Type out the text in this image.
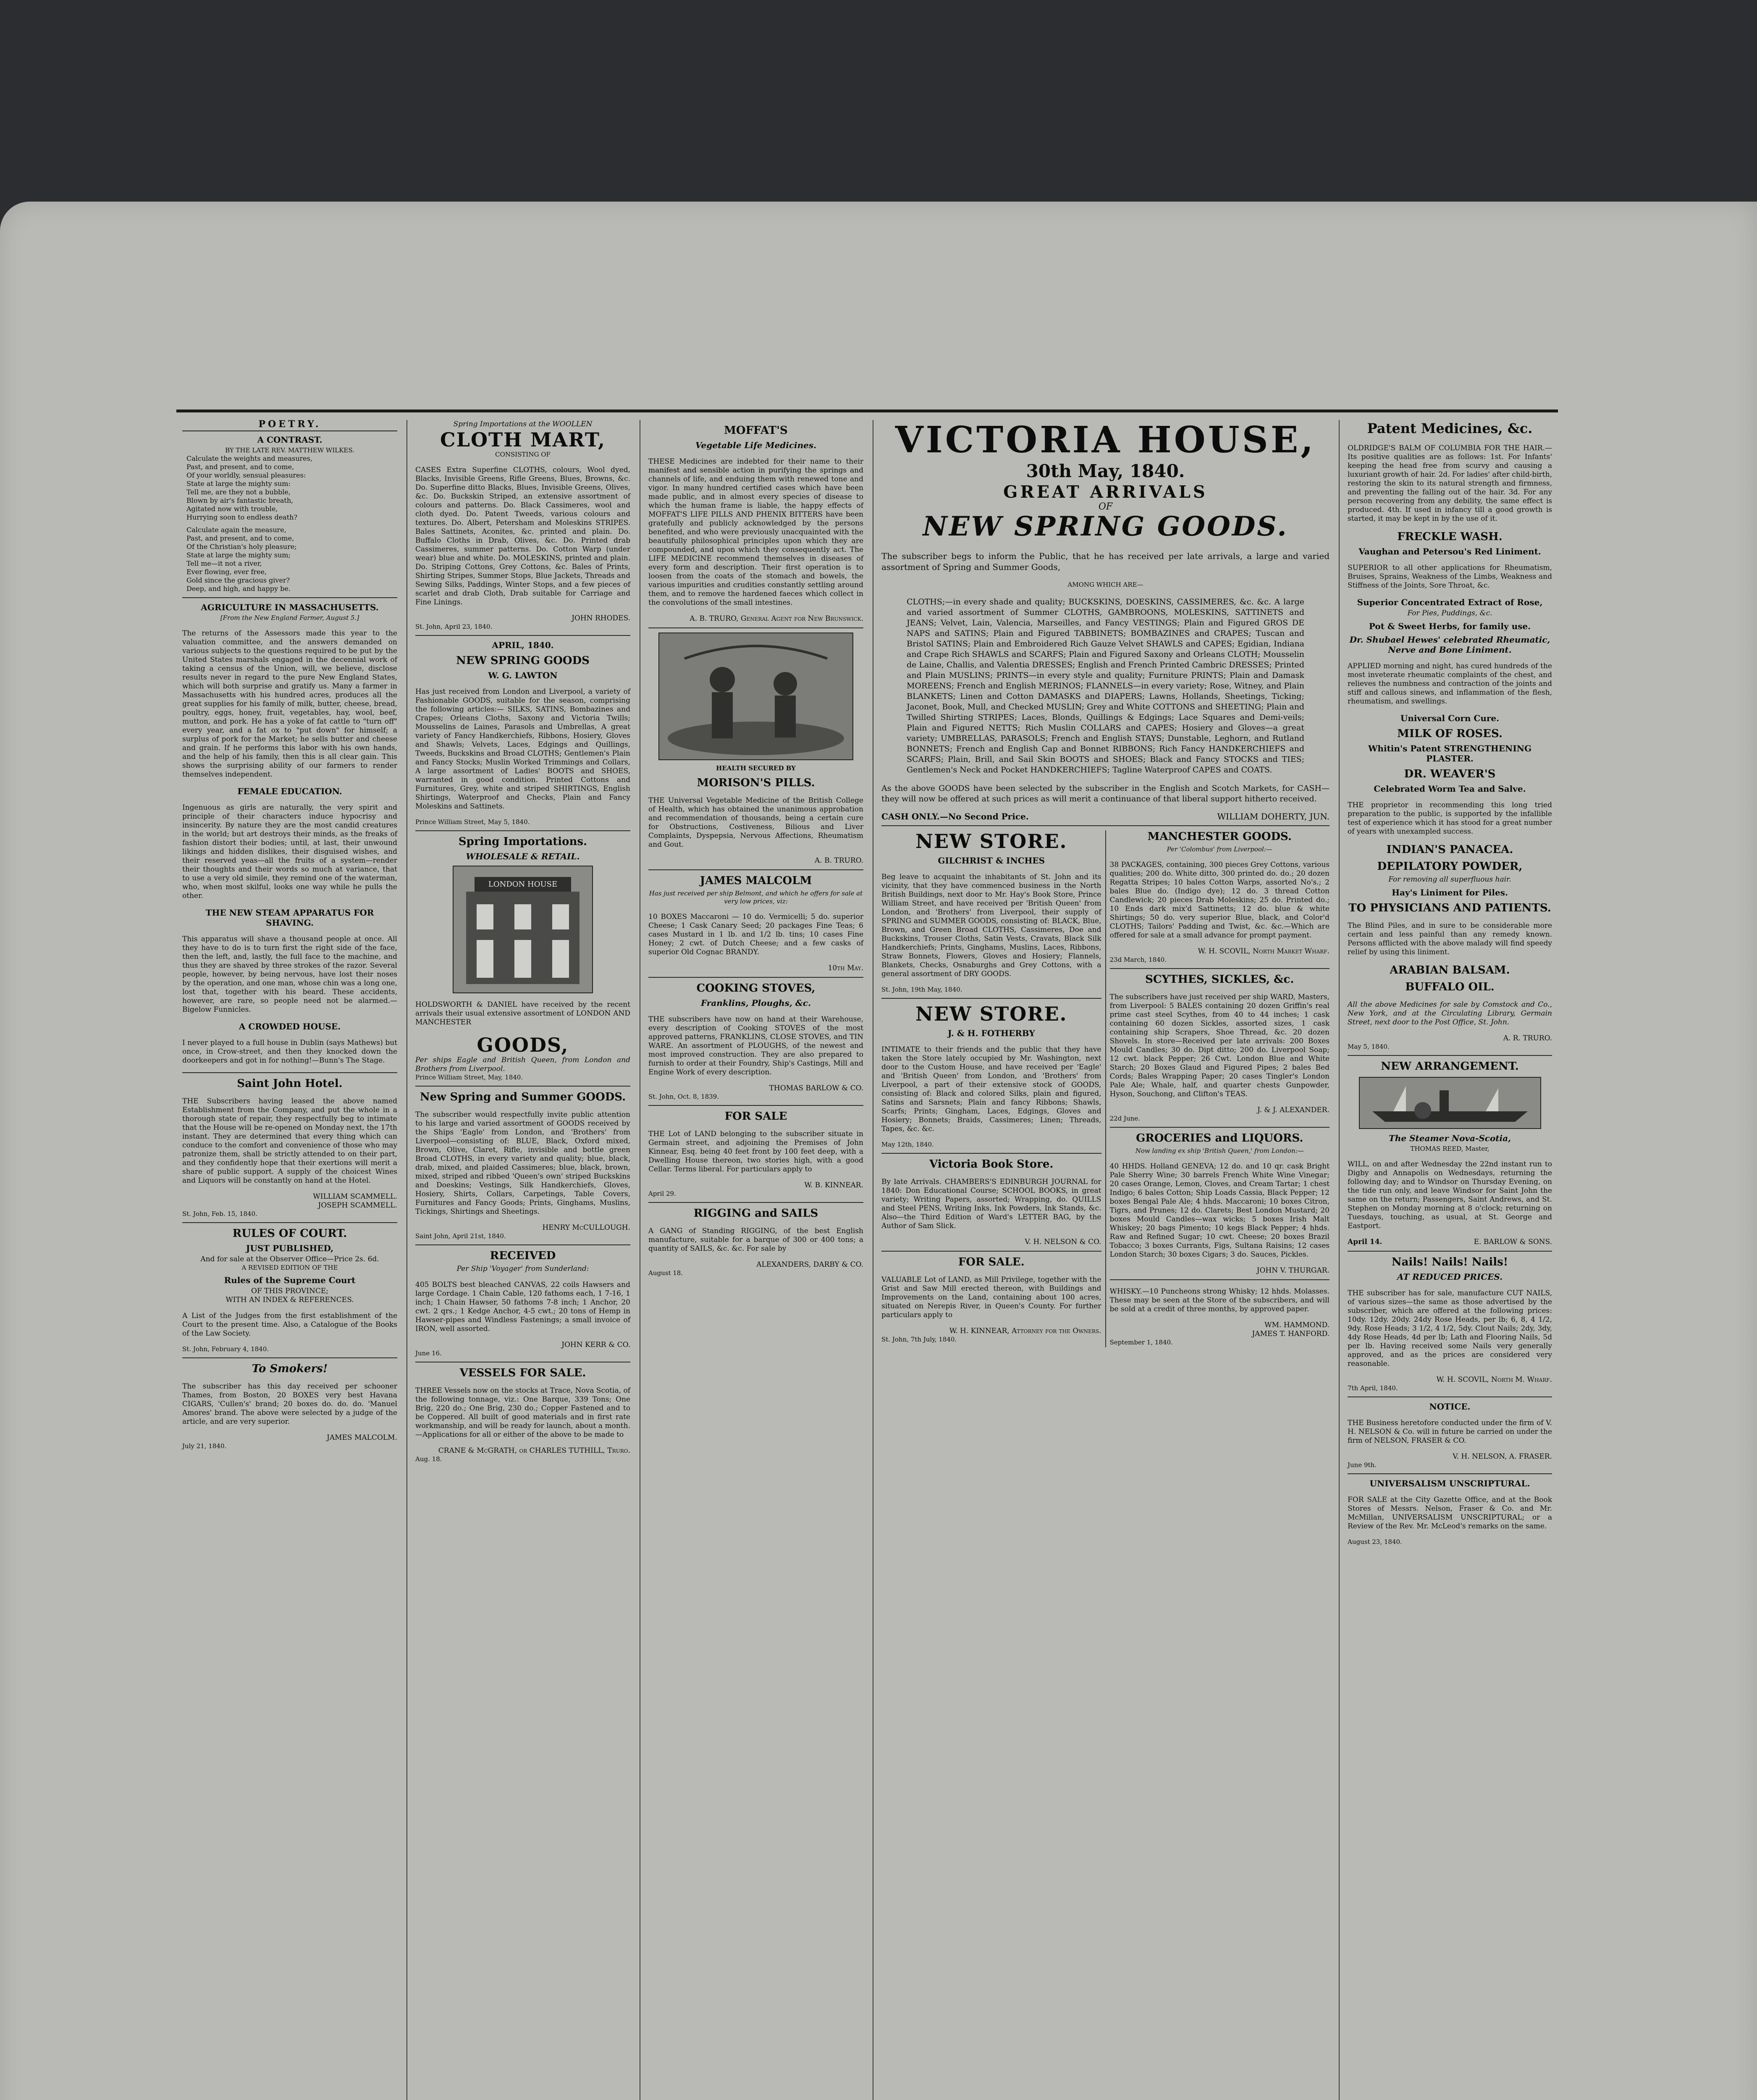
POETRY.
A CONTRAST.
BY THE LATE REV. MATTHEW WILKES.
Calculate the weights and measures,
Past, and present, and to come,
Of your worldly, sensual pleasures:
State at large the mighty sum:
Tell me, are they not a bubble,
Blown by air's fantastic breath,
Agitated now with trouble,
Hurrying soon to endless death?
Calculate again the measure,
Past, and present, and to come,
Of the Christian's holy pleasure;
State at large the mighty sum;
Tell me—it not a river,
Ever flowing, ever free,
Gold since the gracious giver?
Deep, and high, and happy be.
AGRICULTURE IN MASSACHUSETTS.
[From the New England Farmer, August 5.]

The returns of the Assessors made this year to the valuation committee, and the answers demanded on various subjects to the questions required to be put by the United States marshals engaged in the decennial work of taking a census of the Union, will, we believe, disclose results never in regard to the pure New England States, which will both surprise and gratify us. Many a farmer in Massachusetts with his hundred acres, produces all the great supplies for his family of milk, butter, cheese, bread, poultry, eggs, honey, fruit, vegetables, hay, wool, beef, mutton, and pork. He has a yoke of fat cattle to "turn off" every year, and a fat ox to "put down" for himself; a surplus of pork for the Market; he sells butter and cheese and grain. If he performs this labor with his own hands, and the help of his family, then this is all clear gain. This shows the surprising ability of our farmers to render themselves independent.

FEMALE EDUCATION.

Ingenuous as girls are naturally, the very spirit and principle of their characters induce hypocrisy and insincerity. By nature they are the most candid creatures in the world; but art destroys their minds, as the freaks of fashion distort their bodies; until, at last, their unwound likings and hidden dislikes, their disguised wishes, and their reserved yeas—all the fruits of a system—render their thoughts and their words so much at variance, that to use a very old simile, they remind one of the waterman, who, when most skilful, looks one way while he pulls the other.

THE NEW STEAM APPARATUS FOR SHAVING.

This apparatus will shave a thousand people at once. All they have to do is to turn first the right side of the face, then the left, and, lastly, the full face to the machine, and thus they are shaved by three strokes of the razor. Several people, however, by being nervous, have lost their noses by the operation, and one man, whose chin was a long one, lost that, together with his beard. These accidents, however, are rare, so people need not be alarmed.—Bigelow Funnicles.

A CROWDED HOUSE.

I never played to a full house in Dublin (says Mathews) but once, in Crow-street, and then they knocked down the doorkeepers and got in for nothing!—Bunn's The Stage.

Saint John Hotel.

THE Subscribers having leased the above named Establishment from the Company, and put the whole in a thorough state of repair, they respectfully beg to intimate that the House will be re-opened on Monday next, the 17th instant. They are determined that every thing which can conduce to the comfort and convenience of those who may patronize them, shall be strictly attended to on their part, and they confidently hope that their exertions will merit a share of public support. A supply of the choicest Wines and Liquors will be constantly on hand at the Hotel.

WILLIAM SCAMMELL.
JOSEPH SCAMMELL.
St. John, Feb. 15, 1840.
RULES OF COURT.
JUST PUBLISHED,
And for sale at the Observer Office—Price 2s. 6d.
A REVISED EDITION OF THE
Rules of the Supreme Court
OF THIS PROVINCE;
WITH AN INDEX & REFERENCES.

A List of the Judges from the first establishment of the Court to the present time. Also, a Catalogue of the Books of the Law Society.

St. John, February 4, 1840.
To Smokers!

The subscriber has this day received per schooner Thames, from Boston, 20 BOXES very best Havana CIGARS, 'Cullen's' brand; 20 boxes do. do. do. 'Manuel Amores' brand. The above were selected by a judge of the article, and are very superior.

JAMES MALCOLM.
July 21, 1840.
Spring Importations at the WOOLLEN
CLOTH MART,
CONSISTING OF

CASES Extra Superfine CLOTHS, colours, Wool dyed, Blacks, Invisible Greens, Rifle Greens, Blues, Browns, &c. Do. Superfine ditto Blacks, Blues, Invisible Greens, Olives, &c. Do. Buckskin Striped, an extensive assortment of colours and patterns. Do. Black Cassimeres, wool and cloth dyed. Do. Patent Tweeds, various colours and textures. Do. Albert, Petersham and Moleskins STRIPES. Bales Sattinets, Aconites, &c. printed and plain. Do. Buffalo Cloths in Drab, Olives, &c. Do. Printed drab Cassimeres, summer patterns. Do. Cotton Warp (under wear) blue and white. Do. MOLESKINS, printed and plain. Do. Striping Cottons, Grey Cottons, &c. Bales of Prints, Shirting Stripes, Summer Stops, Blue Jackets, Threads and Sewing Silks, Paddings, Winter Stops, and a few pieces of scarlet and drab Cloth, Drab suitable for Carriage and Fine Linings.

JOHN RHODES.
St. John, April 23, 1840.
APRIL, 1840.
NEW SPRING GOODS
W. G. LAWTON

Has just received from London and Liverpool, a variety of Fashionable GOODS, suitable for the season, comprising the following articles:— SILKS, SATINS, Bombazines and Crapes; Orleans Cloths, Saxony and Victoria Twills; Mousselins de Laines, Parasols and Umbrellas, A great variety of Fancy Handkerchiefs, Ribbons, Hosiery, Gloves and Shawls; Velvets, Laces, Edgings and Quillings, Tweeds, Buckskins and Broad CLOTHS; Gentlemen's Plain and Fancy Stocks; Muslin Worked Trimmings and Collars, A large assortment of Ladies' BOOTS and SHOES, warranted in good condition. Printed Cottons and Furnitures, Grey, white and striped SHIRTINGS, English Shirtings, Waterproof and Checks, Plain and Fancy Moleskins and Sattinets.

Prince William Street, May 5, 1840.
Spring Importations.
WHOLESALE & RETAIL.
LONDON HOUSE

HOLDSWORTH & DANIEL have received by the recent arrivals their usual extensive assortment of LONDON AND MANCHESTER

GOODS,
Per ships Eagle and British Queen, from London and Brothers from Liverpool.
Prince William Street, May, 1840.
New Spring and Summer GOODS.

The subscriber would respectfully invite public attention to his large and varied assortment of GOODS received by the Ships 'Eagle' from London, and 'Brothers' from Liverpool—consisting of: BLUE, Black, Oxford mixed, Brown, Olive, Claret, Rifle, invisible and bottle green Broad CLOTHS, in every variety and quality; blue, black, drab, mixed, and plaided Cassimeres; blue, black, brown, mixed, striped and ribbed 'Queen's own' striped Buckskins and Doeskins; Vestings, Silk Handkerchiefs, Gloves, Hosiery, Shirts, Collars, Carpetings, Table Covers, Furnitures and Fancy Goods; Prints, Ginghams, Muslins, Tickings, Shirtings and Sheetings.

HENRY McCULLOUGH.
Saint John, April 21st, 1840.
RECEIVED
Per Ship 'Voyager' from Sunderland:

405 BOLTS best bleached CANVAS, 22 coils Hawsers and large Cordage. 1 Chain Cable, 120 fathoms each, 1 7-16, 1 inch; 1 Chain Hawser, 50 fathoms 7-8 inch; 1 Anchor, 20 cwt. 2 qrs.; 1 Kedge Anchor, 4-5 cwt.; 20 tons of Hemp in Hawser-pipes and Windless Fastenings; a small invoice of IRON, well assorted.

JOHN KERR & CO.
June 16.
VESSELS FOR SALE.

THREE Vessels now on the stocks at Trace, Nova Scotia, of the following tonnage, viz.: One Barque, 339 Tons; One Brig, 220 do.; One Brig, 230 do.; Copper Fastened and to be Coppered. All built of good materials and in first rate workmanship, and will be ready for launch, about a month.—Applications for all or either of the above to be made to

CRANE & McGRATH, or CHARLES TUTHILL, Truro.
Aug. 18.
MOFFAT'S
Vegetable Life Medicines.

THESE Medicines are indebted for their name to their manifest and sensible action in purifying the springs and channels of life, and enduing them with renewed tone and vigor. In many hundred certified cases which have been made public, and in almost every species of disease to which the human frame is liable, the happy effects of MOFFAT'S LIFE PILLS AND PHENIX BITTERS have been gratefully and publicly acknowledged by the persons benefited, and who were previously unacquainted with the beautifully philosophical principles upon which they are compounded, and upon which they consequently act. The LIFE MEDICINE recommend themselves in diseases of every form and description. Their first operation is to loosen from the coats of the stomach and bowels, the various impurities and crudities constantly settling around them, and to remove the hardened faeces which collect in the convolutions of the small intestines.

A. B. TRURO, General Agent for New Brunswick.
HEALTH SECURED BY
MORISON'S PILLS.

THE Universal Vegetable Medicine of the British College of Health, which has obtained the unanimous approbation and recommendation of thousands, being a certain cure for Obstructions, Costiveness, Bilious and Liver Complaints, Dyspepsia, Nervous Affections, Rheumatism and Gout.

A. B. TRURO.
JAMES MALCOLM
Has just received per ship Belmont, and which he offers for sale at very low prices, viz:

10 BOXES Maccaroni — 10 do. Vermicelli; 5 do. superior Cheese; 1 Cask Canary Seed; 20 packages Fine Teas; 6 cases Mustard in 1 lb. and 1/2 lb. tins; 10 cases Fine Honey; 2 cwt. of Dutch Cheese; and a few casks of superior Old Cognac BRANDY.

10th May.
COOKING STOVES,
Franklins, Ploughs, &c.

THE subscribers have now on hand at their Warehouse, every description of Cooking STOVES of the most approved patterns, FRANKLINS, CLOSE STOVES, and TIN WARE. An assortment of PLOUGHS, of the newest and most improved construction. They are also prepared to furnish to order at their Foundry, Ship's Castings, Mill and Engine Work of every description.

THOMAS BARLOW & CO.
St. John, Oct. 8, 1839.
FOR SALE

THE Lot of LAND belonging to the subscriber situate in Germain street, and adjoining the Premises of John Kinnear, Esq. being 40 feet front by 100 feet deep, with a Dwelling House thereon, two stories high, with a good Cellar. Terms liberal. For particulars apply to

W. B. KINNEAR.
April 29.
RIGGING and SAILS

A GANG of Standing RIGGING, of the best English manufacture, suitable for a barque of 300 or 400 tons; a quantity of SAILS, &c. &c. For sale by

ALEXANDERS, DARBY & CO.
August 18.
VICTORIA HOUSE,
30th May, 1840.
GREAT ARRIVALS
OF
NEW SPRING GOODS.

The subscriber begs to inform the Public, that he has received per late arrivals, a large and varied assortment of Spring and Summer Goods,

AMONG WHICH ARE—

CLOTHS;—in every shade and quality; BUCKSKINS, DOESKINS, CASSIMERES, &c. &c. A large and varied assortment of Summer CLOTHS, GAMBROONS, MOLESKINS, SATTINETS and JEANS; Velvet, Lain, Valencia, Marseilles, and Fancy VESTINGS; Plain and Figured GROS DE NAPS and SATINS; Plain and Figured TABBINETS; BOMBAZINES and CRAPES; Tuscan and Bristol SATINS; Plain and Embroidered Rich Gauze Velvet SHAWLS and CAPES; Egidian, Indiana and Crape Rich SHAWLS and SCARFS; Plain and Figured Saxony and Orleans CLOTH; Mousselin de Laine, Challis, and Valentia DRESSES; English and French Printed Cambric DRESSES; Printed and Plain MUSLINS; PRINTS—in every style and quality; Furniture PRINTS; Plain and Damask MOREENS; French and English MERINOS; FLANNELS—in every variety; Rose, Witney, and Plain BLANKETS; Linen and Cotton DAMASKS and DIAPERS; Lawns, Hollands, Sheetings, Ticking; Jaconet, Book, Mull, and Checked MUSLIN; Grey and White COTTONS and SHEETING; Plain and Twilled Shirting STRIPES; Laces, Blonds, Quillings & Edgings; Lace Squares and Demi-veils; Plain and Figured NETTS; Rich Muslin COLLARS and CAPES; Hosiery and Gloves—a great variety; UMBRELLAS, PARASOLS; French and English STAYS; Dunstable, Leghorn, and Rutland BONNETS; French and English Cap and Bonnet RIBBONS; Rich Fancy HANDKERCHIEFS and SCARFS; Plain, Brill, and Sail Skin BOOTS and SHOES; Black and Fancy STOCKS and TIES; Gentlemen's Neck and Pocket HANDKERCHIEFS; Tagline Waterproof CAPES and COATS.

As the above GOODS have been selected by the subscriber in the English and Scotch Markets, for CASH—they will now be offered at such prices as will merit a continuance of that liberal support hitherto received.

CASH ONLY.—No Second Price.	WILLIAM DOHERTY, JUN.
NEW STORE.
GILCHRIST & INCHES

Beg leave to acquaint the inhabitants of St. John and its vicinity, that they have commenced business in the North British Buildings, next door to Mr. Hay's Book Store, Prince William Street, and have received per 'British Queen' from London, and 'Brothers' from Liverpool, their supply of SPRING and SUMMER GOODS, consisting of: BLACK, Blue, Brown, and Green Broad CLOTHS, Cassimeres, Doe and Buckskins, Trouser Cloths, Satin Vests, Cravats, Black Silk Handkerchiefs; Prints, Ginghams, Muslins, Laces, Ribbons, Straw Bonnets, Flowers, Gloves and Hosiery; Flannels, Blankets, Checks, Osnaburghs and Grey Cottons, with a general assortment of DRY GOODS.

St. John, 19th May, 1840.
NEW STORE.
J. & H. FOTHERBY

INTIMATE to their friends and the public that they have taken the Store lately occupied by Mr. Washington, next door to the Custom House, and have received per 'Eagle' and 'British Queen' from London, and 'Brothers' from Liverpool, a part of their extensive stock of GOODS, consisting of: Black and colored Silks, plain and figured, Satins and Sarsnets; Plain and fancy Ribbons; Shawls, Scarfs; Prints; Gingham, Laces, Edgings, Gloves and Hosiery; Bonnets; Braids, Cassimeres; Linen; Threads, Tapes, &c. &c.

May 12th, 1840.
Victoria Book Store.

By late Arrivals. CHAMBERS'S EDINBURGH JOURNAL for 1840: Don Educational Course; SCHOOL BOOKS, in great variety; Writing Papers, assorted; Wrapping, do. QUILLS and Steel PENS, Writing Inks, Ink Powders, Ink Stands, &c. Also—the Third Edition of Ward's LETTER BAG, by the Author of Sam Slick.

V. H. NELSON & CO.
FOR SALE.

VALUABLE Lot of LAND, as Mill Privilege, together with the Grist and Saw Mill erected thereon, with Buildings and Improvements on the Land, containing about 100 acres, situated on Nerepis River, in Queen's County. For further particulars apply to

W. H. KINNEAR, Attorney for the Owners.
St. John, 7th July, 1840.
MANCHESTER GOODS.
Per 'Colombus' from Liverpool:—

38 PACKAGES, containing, 300 pieces Grey Cottons, various qualities; 200 do. White ditto, 300 printed do. do.; 20 dozen Regatta Stripes; 10 bales Cotton Warps, assorted No's.; 2 bales Blue do. (Indigo dye); 12 do. 3 thread Cotton Candlewick; 20 pieces Drab Moleskins; 25 do. Printed do.; 10 Ends dark mix'd Sattinetts; 12 do. blue & white Shirtings; 50 do. very superior Blue, black, and Color'd CLOTHS; Tailors' Padding and Twist, &c. &c.—Which are offered for sale at a small advance for prompt payment.

W. H. SCOVIL, North Market Wharf.
23d March, 1840.
SCYTHES, SICKLES, &c.

The subscribers have just received per ship WARD, Masters, from Liverpool: 5 BALES containing 20 dozen Griffin's real prime cast steel Scythes, from 40 to 44 inches; 1 cask containing 60 dozen Sickles, assorted sizes, 1 cask containing ship Scrapers, Shoe Thread, &c. 20 dozen Shovels. In store—Received per late arrivals: 200 Boxes Mould Candles; 30 do. Dipt ditto; 200 do. Liverpool Soap; 12 cwt. black Pepper; 26 Cwt. London Blue and White Starch; 20 Boxes Glaud and Figured Pipes; 2 bales Bed Cords; Bales Wrapping Paper; 20 cases Tingler's London Pale Ale; Whale, half, and quarter chests Gunpowder, Hyson, Souchong, and Clifton's TEAS.

J. & J. ALEXANDER.
22d June.
GROCERIES and LIQUORS.
Now landing ex ship 'British Queen,' from London:—

40 HHDS. Holland GENEVA; 12 do. and 10 qr. cask Bright Pale Sherry Wine; 30 barrels French White Wine Vinegar; 20 cases Orange, Lemon, Cloves, and Cream Tartar; 1 chest Indigo; 6 bales Cotton; Ship Loads Cassia, Black Pepper; 12 boxes Bengal Pale Ale; 4 hhds. Maccaroni; 10 boxes Citron, Tigrs, and Prunes; 12 do. Clarets; Best London Mustard; 20 boxes Mould Candles—wax wicks; 5 boxes Irish Malt Whiskey; 20 bags Pimento; 10 kegs Black Pepper; 4 hhds. Raw and Refined Sugar; 10 cwt. Cheese; 20 boxes Brazil Tobacco; 3 boxes Currants, Figs, Sultana Raisins; 12 cases London Starch; 30 boxes Cigars; 3 do. Sauces, Pickles.

JOHN V. THURGAR.

WHISKY.—10 Puncheons strong Whisky; 12 hhds. Molasses. These may be seen at the Store of the subscribers, and will be sold at a credit of three months, by approved paper.

WM. HAMMOND.
JAMES T. HANFORD.
September 1, 1840.
Patent Medicines, &c.

OLDRIDGE'S BALM OF COLUMBIA FOR THE HAIR.—Its positive qualities are as follows: 1st. For Infants' keeping the head free from scurvy and causing a luxuriant growth of hair. 2d. For ladies' after child-birth, restoring the skin to its natural strength and firmness, and preventing the falling out of the hair. 3d. For any person recovering from any debility, the same effect is produced. 4th. If used in infancy till a good growth is started, it may be kept in by the use of it.

FRECKLE WASH.
Vaughan and Petersou's Red Liniment.

SUPERIOR to all other applications for Rheumatism, Bruises, Sprains, Weakness of the Limbs, Weakness and Stiffness of the Joints, Sore Throat, &c.

Superior Concentrated Extract of Rose,
For Pies, Puddings, &c.
Pot & Sweet Herbs, for family use.
Dr. Shubael Hewes' celebrated Rheumatic, Nerve and Bone Liniment.

APPLIED morning and night, has cured hundreds of the most inveterate rheumatic complaints of the chest, and relieves the numbness and contraction of the joints and stiff and callous sinews, and inflammation of the flesh, rheumatism, and swellings.

Universal Corn Cure.
MILK OF ROSES.
Whitin's Patent STRENGTHENING PLASTER.
DR. WEAVER'S
Celebrated Worm Tea and Salve.

THE proprietor in recommending this long tried preparation to the public, is supported by the infallible test of experience which it has stood for a great number of years with unexampled success.

INDIAN'S PANACEA.
DEPILATORY POWDER,
For removing all superfluous hair.
Hay's Liniment for Piles.
TO PHYSICIANS AND PATIENTS.

The Blind Piles, and in sure to be considerable more certain and less painful than any remedy known. Persons afflicted with the above malady will find speedy relief by using this liniment.

ARABIAN BALSAM.
BUFFALO OIL.

All the above Medicines for sale by Comstock and Co., New York, and at the Circulating Library, Germain Street, next door to the Post Office, St. John.

A. R. TRURO.
May 5, 1840.
NEW ARRANGEMENT.
The Steamer Nova-Scotia,
THOMAS REED, Master,

WILL, on and after Wednesday the 22nd instant run to Digby and Annapolis on Wednesdays, returning the following day; and to Windsor on Thursday Evening, on the tide run only, and leave Windsor for Saint John the same on the return; Passengers, Saint Andrews, and St. Stephen on Monday morning at 8 o'clock; returning on Tuesdays, touching, as usual, at St. George and Eastport.

April 14.	E. BARLOW & SONS.
Nails! Nails! Nails!
AT REDUCED PRICES.

THE subscriber has for sale, manufacture CUT NAILS, of various sizes—the same as those advertised by the subscriber, which are offered at the following prices: 10dy. 12dy. 20dy. 24dy Rose Heads, per lb; 6, 8, 4 1/2, 9dy. Rose Heads; 3 1/2, 4 1/2, 5dy. Clout Nails; 2dy, 3dy, 4dy Rose Heads, 4d per lb; Lath and Flooring Nails, 5d per lb. Having received some Nails very generally approved, and as the prices are considered very reasonable.

W. H. SCOVIL, North M. Wharf.
7th April, 1840.
NOTICE.

THE Business heretofore conducted under the firm of V. H. NELSON & Co. will in future be carried on under the firm of NELSON, FRASER & CO.

V. H. NELSON, A. FRASER.
June 9th.
UNIVERSALISM UNSCRIPTURAL.

FOR SALE at the City Gazette Office, and at the Book Stores of Messrs. Nelson, Fraser & Co. and Mr. McMillan, UNIVERSALISM UNSCRIPTURAL; or a Review of the Rev. Mr. McLeod's remarks on the same.

August 23, 1840.
